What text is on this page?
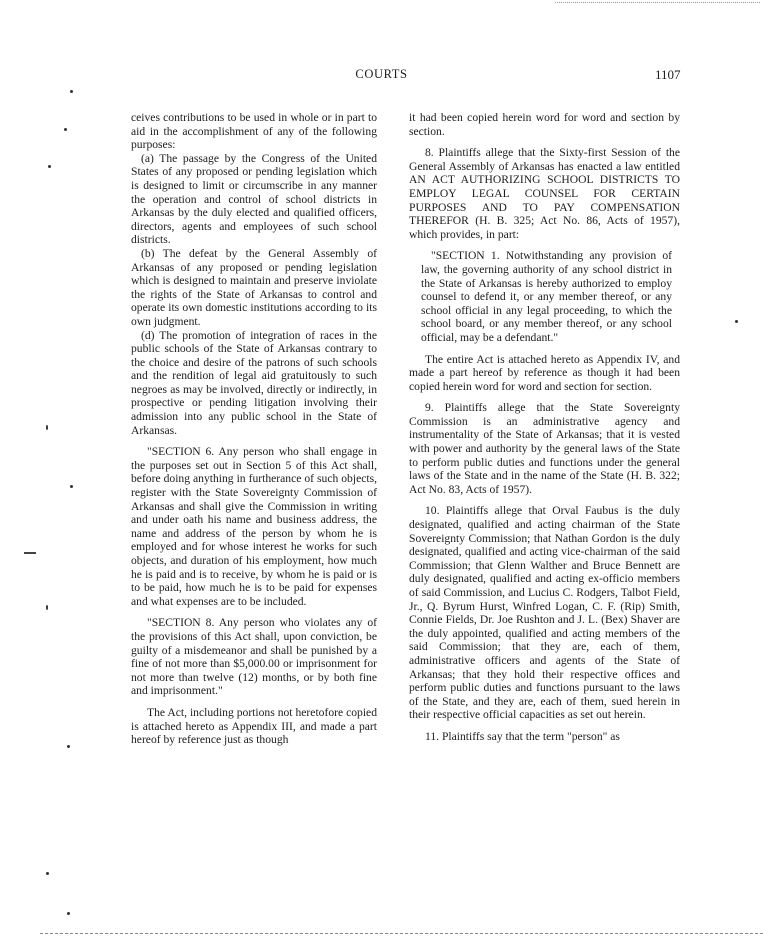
COURTS	1107

ceives contributions to be used in whole or in part to aid in the accomplishment of any of the following purposes:

(a) The passage by the Congress of the United States of any proposed or pending legislation which is designed to limit or circumscribe in any manner the operation and control of school districts in Arkansas by the duly elected and qualified officers, directors, agents and employees of such school districts.

(b) The defeat by the General Assembly of Arkansas of any proposed or pending legislation which is designed to maintain and preserve inviolate the rights of the State of Arkansas to control and operate its own domestic institutions according to its own judgment.

(d) The promotion of integration of races in the public schools of the State of Arkansas contrary to the choice and desire of the patrons of such schools and the rendition of legal aid gratuitously to such negroes as may be involved, directly or indirectly, in prospective or pending litigation involving their admission into any public school in the State of Arkansas.

"SECTION 6. Any person who shall engage in the purposes set out in Section 5 of this Act shall, before doing anything in furtherance of such objects, register with the State Sovereignty Commission of Arkansas and shall give the Commission in writing and under oath his name and business address, the name and address of the person by whom he is employed and for whose interest he works for such objects, and duration of his employment, how much he is paid and is to receive, by whom he is paid or is to be paid, how much he is to be paid for expenses and what expenses are to be included.

"SECTION 8. Any person who violates any of the provisions of this Act shall, upon conviction, be guilty of a misdemeanor and shall be punished by a fine of not more than $5,000.00 or imprisonment for not more than twelve (12) months, or by both fine and imprisonment."

The Act, including portions not heretofore copied is attached hereto as Appendix III, and made a part hereof by reference just as though

it had been copied herein word for word and section by section.

8. Plaintiffs allege that the Sixty-first Session of the General Assembly of Arkansas has enacted a law entitled AN ACT AUTHORIZING SCHOOL DISTRICTS TO EMPLOY LEGAL COUNSEL FOR CERTAIN PURPOSES AND TO PAY COMPENSATION THEREFOR (H. B. 325; Act No. 86, Acts of 1957), which provides, in part:

"SECTION 1. Notwithstanding any provision of law, the governing authority of any school district in the State of Arkansas is hereby authorized to employ counsel to defend it, or any member thereof, or any school official in any legal proceeding, to which the school board, or any member thereof, or any school official, may be a defendant."

The entire Act is attached hereto as Appendix IV, and made a part hereof by reference as though it had been copied herein word for word and section for section.

9. Plaintiffs allege that the State Sovereignty Commission is an administrative agency and instrumentality of the State of Arkansas; that it is vested with power and authority by the general laws of the State to perform public duties and functions under the general laws of the State and in the name of the State (H. B. 322; Act No. 83, Acts of 1957).

10. Plaintiffs allege that Orval Faubus is the duly designated, qualified and acting chairman of the State Sovereignty Commission; that Nathan Gordon is the duly designated, qualified and acting vice-chairman of the said Commission; that Glenn Walther and Bruce Bennett are duly designated, qualified and acting ex-officio members of said Commission, and Lucius C. Rodgers, Talbot Field, Jr., Q. Byrum Hurst, Winfred Logan, C. F. (Rip) Smith, Connie Fields, Dr. Joe Rushton and J. L. (Bex) Shaver are the duly appointed, qualified and acting members of the said Commission; that they are, each of them, administrative officers and agents of the State of Arkansas; that they hold their respective offices and perform public duties and functions pursuant to the laws of the State, and they are, each of them, sued herein in their respective official capacities as set out herein.

11. Plaintiffs say that the term "person" as
